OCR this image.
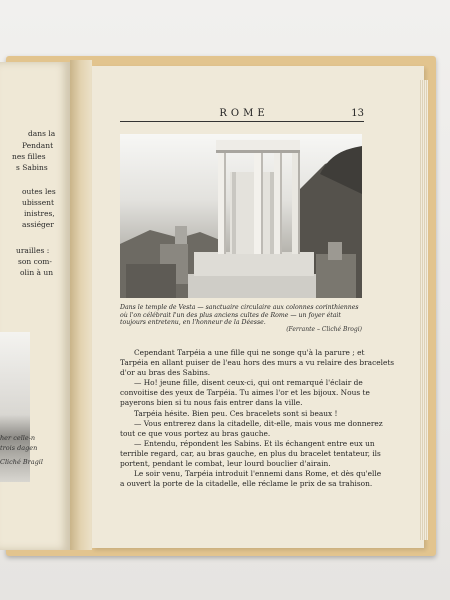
dans la
Pendant
nes filles
s Sabins
outes les
ubissent
inistres,
assiéger
urailles :
son com-
olin à un
her celle-n
trois dagen
Cliché Bragil
ROME	13
Dans le temple de Vesta — sanctuaire circulaire aux colonnes corinthiennes où l'on célébrait l'un des plus anciens cultes de Rome — un foyer était toujours entretenu, en l'honneur de la Déesse.
(Ferrante – Cliché Brogi)

Cependant Tarpéia a une fille qui ne songe qu'à la parure ; et

Tarpéia en allant puiser de l'eau hors des murs a vu relaire des bracelets

d'or au bras des Sabins.

— Ho! jeune fille, disent ceux-ci, qui ont remarqué l'éclair de

convoitise des yeux de Tarpéia. Tu aimes l'or et les bijoux. Nous te

payerons bien si tu nous fais entrer dans la ville.

Tarpéia hésite. Bien peu. Ces bracelets sont si beaux !

— Vous entrerez dans la citadelle, dit-elle, mais vous me donnerez

tout ce que vous portez au bras gauche.

— Entendu, répondent les Sabins. Et ils échangent entre eux un

terrible regard, car, au bras gauche, en plus du bracelet tentateur, ils

portent, pendant le combat, leur lourd bouclier d'airain.

Le soir venu, Tarpéia introduit l'ennemi dans Rome, et dès qu'elle

a ouvert la porte de la citadelle, elle réclame le prix de sa trahison.
